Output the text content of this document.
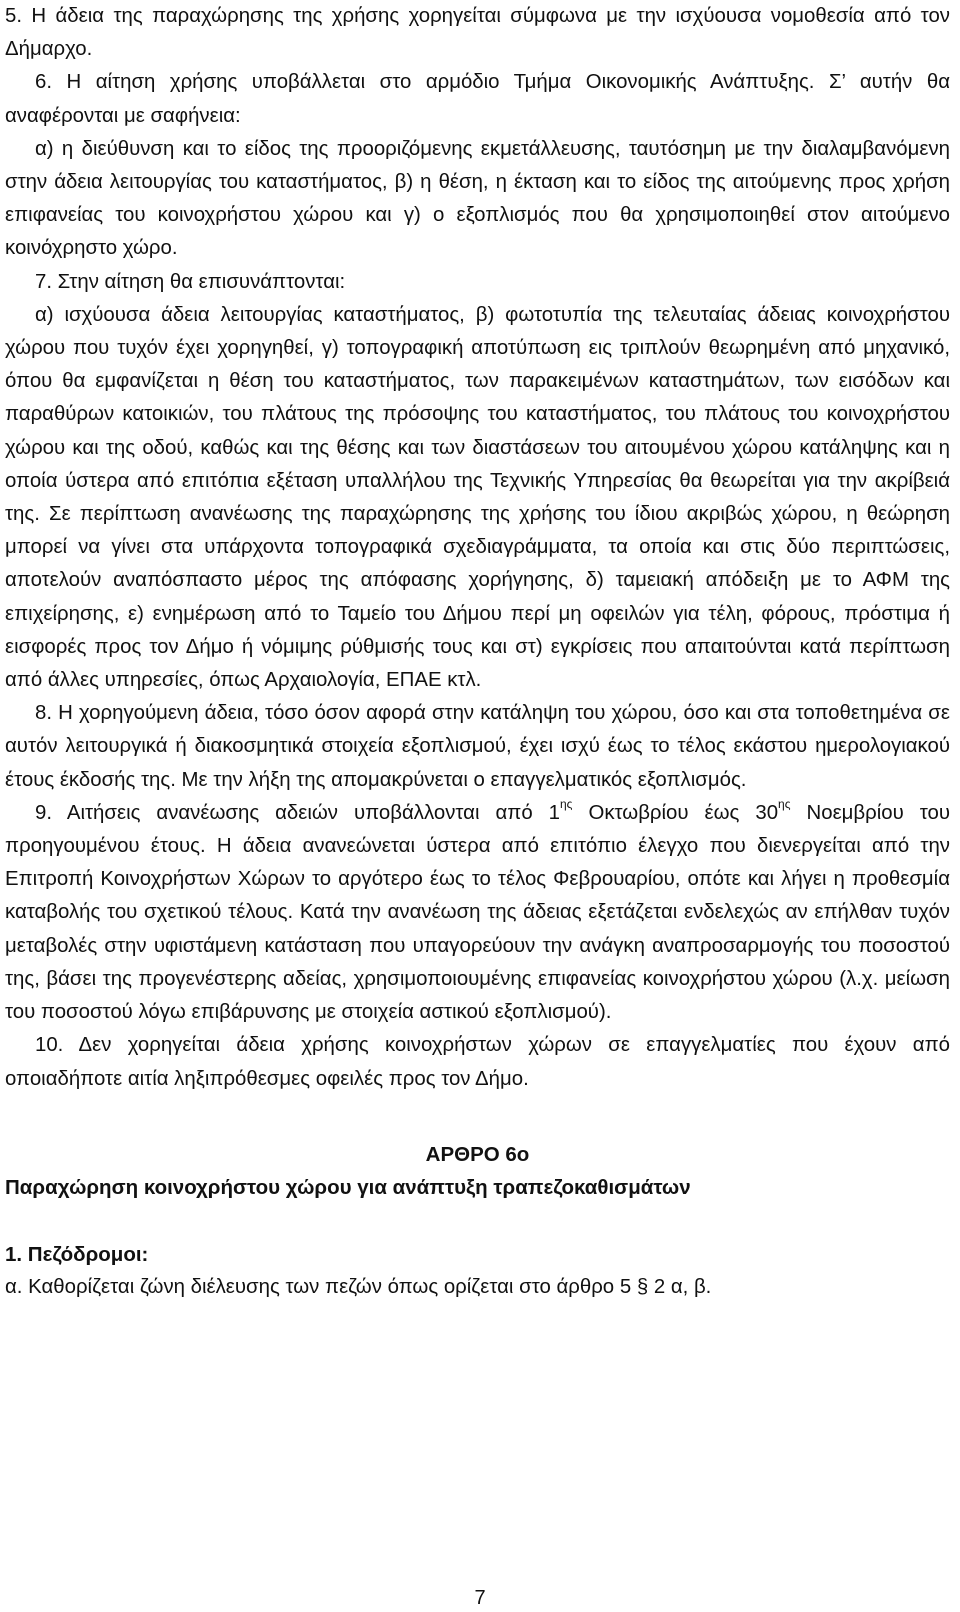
5. Η άδεια της παραχώρησης της χρήσης χορηγείται σύμφωνα με την ισχύουσα νομοθεσία από τον Δήμαρχο.

6. Η αίτηση χρήσης υποβάλλεται στο αρμόδιο Τμήμα Οικονομικής Ανάπτυξης. Σ’ αυτήν θα αναφέρονται με σαφήνεια:

α) η διεύθυνση και το είδος της προοριζόμενης εκμετάλλευσης, ταυτόσημη με την διαλαμβανόμενη στην άδεια λειτουργίας του καταστήματος, β) η θέση, η έκταση και το είδος της αιτούμενης προς χρήση επιφανείας του κοινοχρήστου χώρου και γ) ο εξοπλισμός που θα χρησιμοποιηθεί στον αιτούμενο κοινόχρηστο χώρο.

7. Στην αίτηση θα επισυνάπτονται:

α) ισχύουσα άδεια λειτουργίας καταστήματος, β) φωτοτυπία της τελευταίας άδειας κοινοχρήστου χώρου που τυχόν έχει χορηγηθεί, γ) τοπογραφική αποτύπωση εις τριπλούν θεωρημένη από μηχανικό, όπου θα εμφανίζεται η θέση του καταστήματος, των παρακειμένων καταστημάτων, των εισόδων και παραθύρων κατοικιών, του πλάτους της πρόσοψης του καταστήματος, του πλάτους του κοινοχρήστου χώρου και της οδού, καθώς και της θέσης και των διαστάσεων του αιτουμένου χώρου κατάληψης και η οποία ύστερα από επιτόπια εξέταση υπαλλήλου της Τεχνικής Υπηρεσίας θα θεωρείται για την ακρίβειά της. Σε περίπτωση ανανέωσης της παραχώρησης της χρήσης του ίδιου ακριβώς χώρου, η θεώρηση μπορεί να γίνει στα υπάρχοντα τοπογραφικά σχεδιαγράμματα, τα οποία και στις δύο περιπτώσεις, αποτελούν αναπόσπαστο μέρος της απόφασης χορήγησης, δ) ταμειακή απόδειξη με το ΑΦΜ της επιχείρησης, ε) ενημέρωση από το Ταμείο του Δήμου περί μη οφειλών για τέλη, φόρους, πρόστιμα ή εισφορές προς τον Δήμο ή νόμιμης ρύθμισής τους και στ) εγκρίσεις που απαιτούνται κατά περίπτωση από άλλες υπηρεσίες, όπως Αρχαιολογία, ΕΠΑΕ κτλ.

8. Η χορηγούμενη άδεια, τόσο όσον αφορά στην κατάληψη του χώρου, όσο και στα τοποθετημένα σε αυτόν λειτουργικά ή διακοσμητικά στοιχεία εξοπλισμού, έχει ισχύ έως το τέλος εκάστου ημερολογιακού έτους έκδοσής της. Με την λήξη της απομακρύνεται ο επαγγελματικός εξοπλισμός.

9. Αιτήσεις ανανέωσης αδειών υποβάλλονται από $1^{\eta\varsigma}$ Οκτωβρίου έως $30^{\eta\varsigma}$ Νοεμβρίου του προηγουμένου έτους. Η άδεια ανανεώνεται ύστερα από επιτόπιο έλεγχο που διενεργείται από την Επιτροπή Κοινοχρήστων Χώρων το αργότερο έως το τέλος Φεβρουαρίου, οπότε και λήγει η προθεσμία καταβολής του σχετικού τέλους. Κατά την ανανέωση της άδειας εξετάζεται ενδελεχώς αν επήλθαν τυχόν μεταβολές στην υφιστάμενη κατάσταση που υπαγορεύουν την ανάγκη αναπροσαρμογής του ποσοστού της, βάσει της προγενέστερης αδείας, χρησιμοποιουμένης επιφανείας κοινοχρήστου χώρου (λ.χ. μείωση του ποσοστού λόγω επιβάρυνσης με στοιχεία αστικού εξοπλισμού).

10. Δεν χορηγείται άδεια χρήσης κοινοχρήστων χώρων σε επαγγελματίες που έχουν από οποιαδήποτε αιτία ληξιπρόθεσμες οφειλές προς τον Δήμο.

ΑΡΘΡΟ 6ο

Παραχώρηση κοινοχρήστου χώρου για ανάπτυξη τραπεζοκαθισμάτων

1. Πεζόδρομοι:

α. Καθορίζεται ζώνη διέλευσης των πεζών όπως ορίζεται στο άρθρο 5 § 2 α, β.

7
